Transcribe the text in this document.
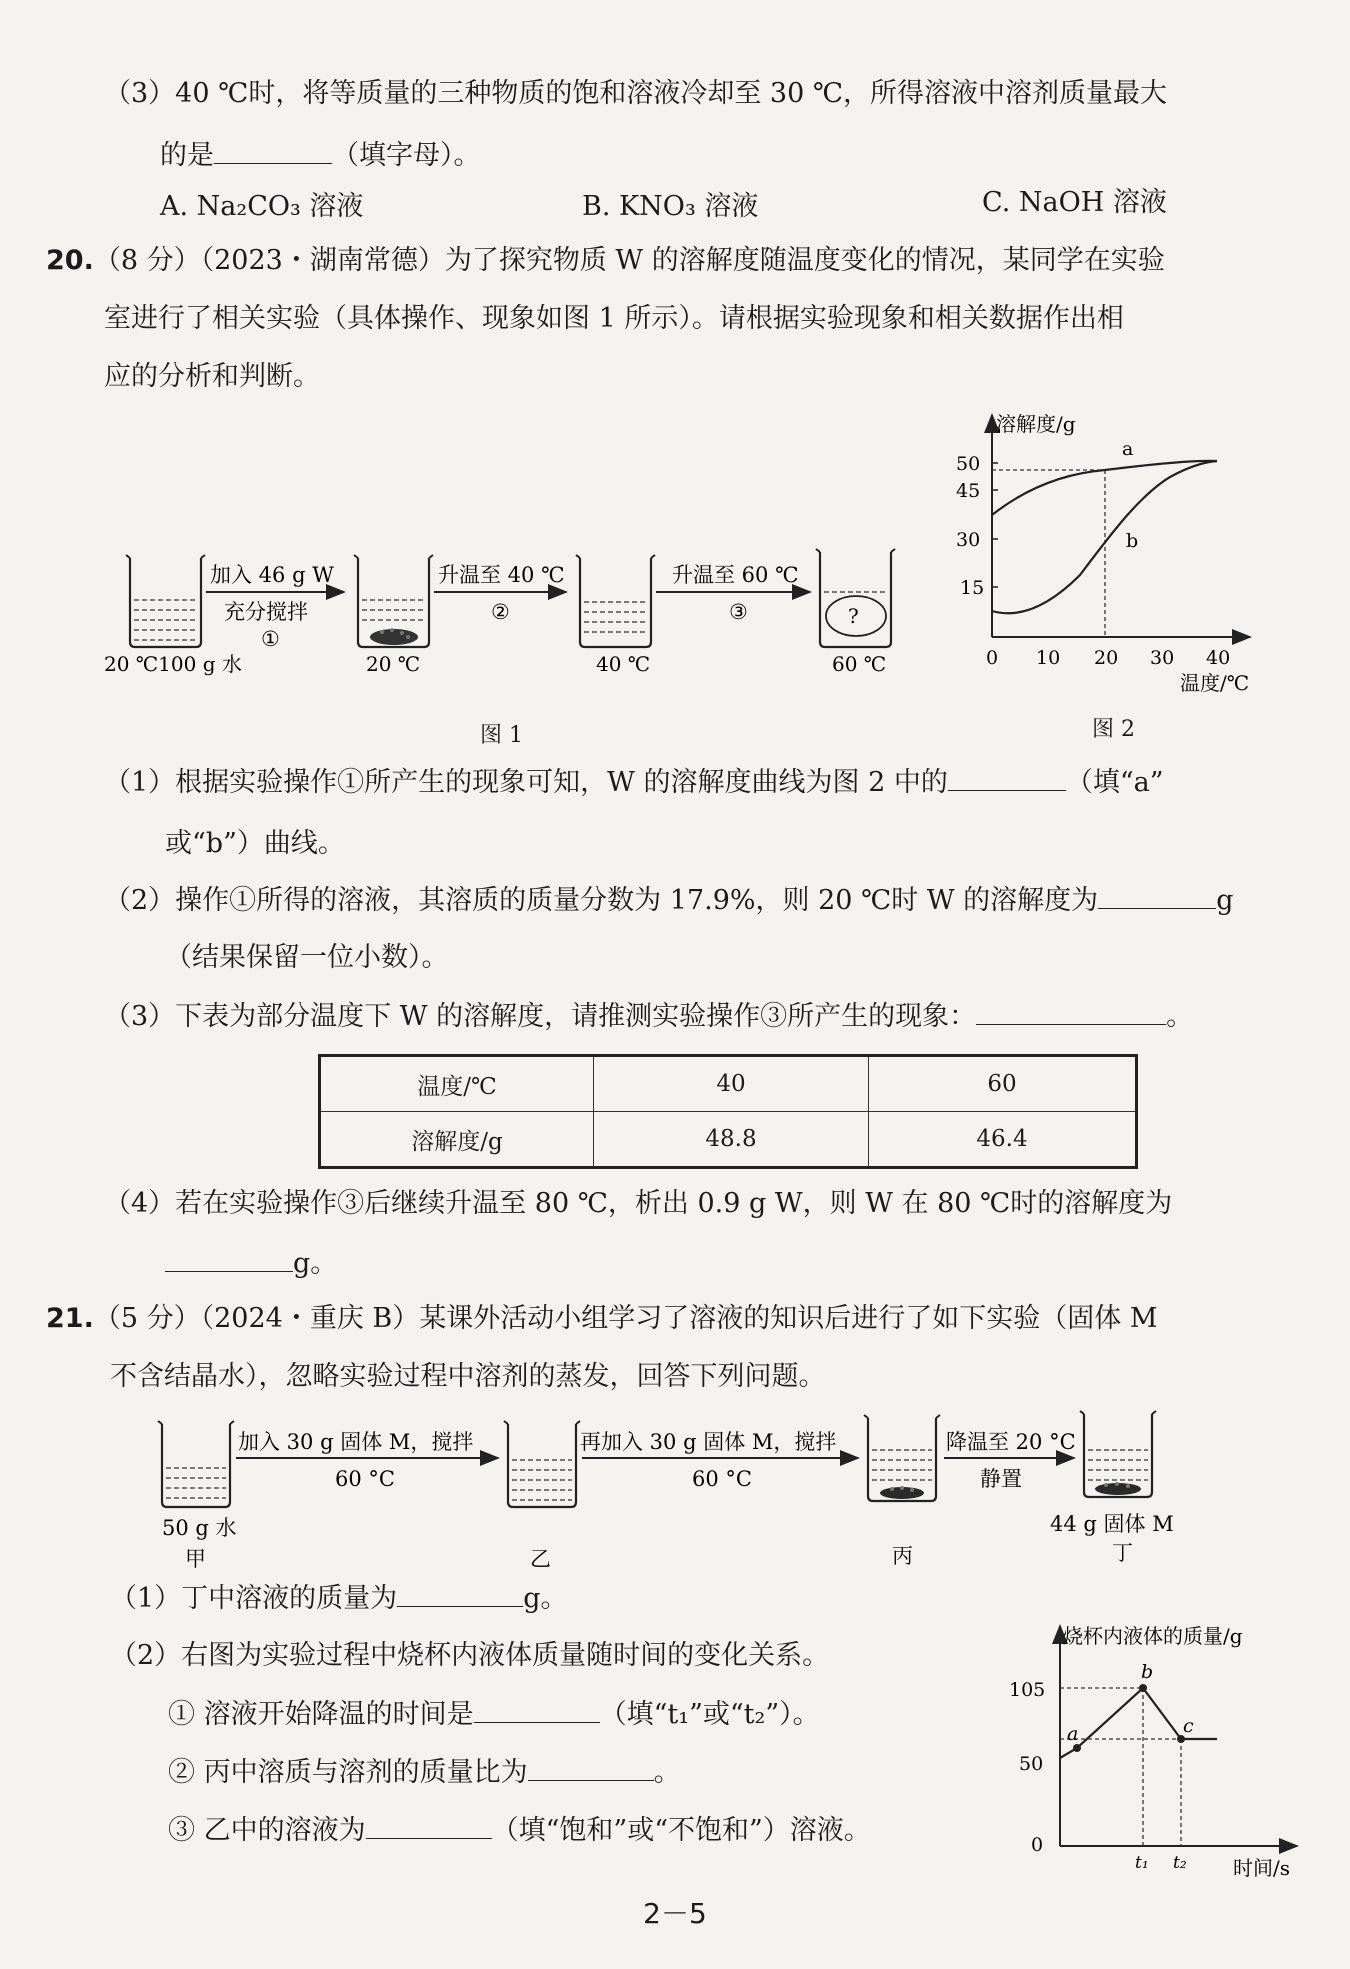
（3）40 ℃时，将等质量的三种物质的饱和溶液冷却至 30 ℃，所得溶液中溶剂质量最大
的是	（填字母）。
A. Na₂CO₃ 溶液	B. KNO₃ 溶液	C. NaOH 溶液
20.（8 分）（2023・湖南常德）为了探究物质 W 的溶解度随温度变化的情况，某同学在实验
室进行了相关实验（具体操作、现象如图 1 所示）。请根据实验现象和相关数据作出相
应的分析和判断。
加入 46 g W
充分搅拌
①
20 ℃100 g 水	20 ℃
升温至 40 ℃
②
40 ℃
升温至 60 ℃
③	?
60 ℃
图 1
溶解度/g
温度/℃
50
45
30
15
0 10 20 30 40
a
b
图 2
（1）根据实验操作①所产生的现象可知，W 的溶解度曲线为图 2 中的	（填“a”
或“b”）曲线。
（2）操作①所得的溶液，其溶质的质量分数为 17.9%，则 20 ℃时 W 的溶解度为	g
（结果保留一位小数）。
（3）下表为部分温度下 W 的溶解度，请推测实验操作③所产生的现象：	。
温度/℃	40	60
溶解度/g	48.8	46.4
（4）若在实验操作③后继续升温至 80 ℃，析出 0.9 g W，则 W 在 80 ℃时的溶解度为
g。
21.（5 分）（2024・重庆 B）某课外活动小组学习了溶液的知识后进行了如下实验（固体 M
不含结晶水），忽略实验过程中溶剂的蒸发，回答下列问题。
50 g 水
甲
加入 30 g 固体 M，搅拌
60 °C
乙
再加入 30 g 固体 M，搅拌
60 °C
丙
降温至 20 °C
静置
44 g 固体 M
丁
烧杯内液体的质量/g
时间/s
105
50
0
a
b
c
t₁ t₂
（1）丁中溶液的质量为	g。
（2）右图为实验过程中烧杯内液体质量随时间的变化关系。
① 溶液开始降温的时间是	（填“t₁”或“t₂”）。
② 丙中溶质与溶剂的质量比为	。
③ 乙中的溶液为	（填“饱和”或“不饱和”）溶液。
2－5
